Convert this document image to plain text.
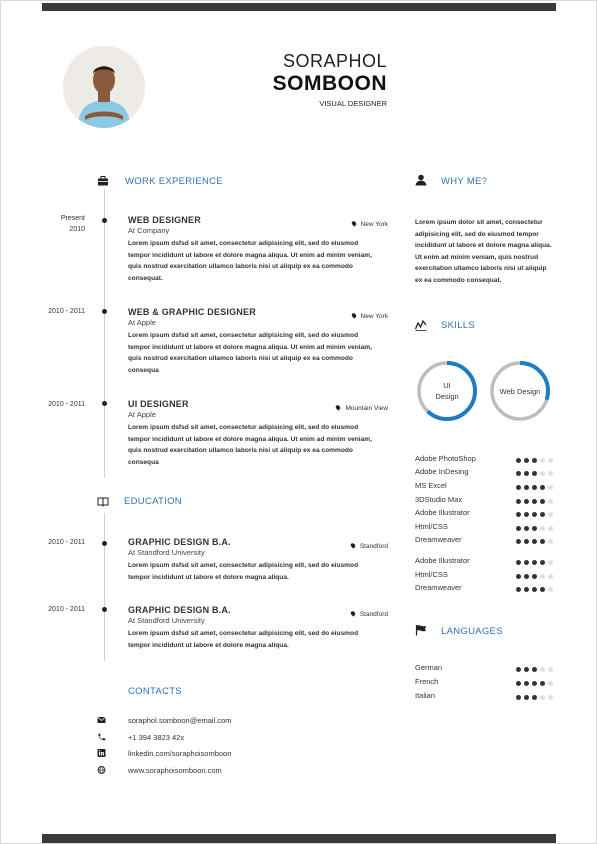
SORAPHOL
SOMBOON
VISUAL DESIGNER
WORK EXPERIENCE
Present
2010
WEB DESIGNER
At Company
New York
Lorem ipsum dsfsd sit amet, consectetur adipisicing elit, sed do eiusmod tempor incididunt ut labore et dolore magna aliqua. Ut enim ad minim veniam, quis nostrud exercitation ullamco laboris nisi ut aliquip ex ea commodo consequat.
2010 - 2011	WEB & GRAPHIC DESIGNER
At Apple
New York
Lorem ipsum dsfsd sit amet, consectetur adipisicing elit, sed do eiusmod tempor incididunt ut labore et dolore magna aliqua. Ut enim ad minim veniam, quis nostrud exercitation ullamco laboris nisi ut aliquip ex ea commodo consequa
2010 - 2011	UI DESIGNER
At Apple
Mountain View
Lorem ipsum dsfsd sit amet, consectetur adipisicing elit, sed do eiusmod tempor incididunt ut labore et dolore magna aliqua. Ut enim ad minim veniam, quis nostrud exercitation ullamco laboris nisi ut aliquip ex ea commodo consequa
EDUCATION
2010 - 2011	GRAPHIC DESIGN B.A.
At Standford University
Standford
Lorem ipsum dsfsd sit amet, consectetur adipisicing elit, sed do eiusmod tempor incididunt ut labore et dolore magna aliqua.
2010 - 2011	GRAPHIC DESIGN B.A.
At Standford University
Standford
Lorem ipsum dsfsd sit amet, consectetur adipisicing elit, sed do eiusmod tempor incididunt ut labore et dolore magna aliqua.
CONTACTS
soraphol.somboon@email.com
+1 394 3823 42x
linkedin.com/soraphoisomboon
www.soraphoisomboon.com
WHY ME?
Lorem ipsum dolor sit amet, consectetur adipisicing elit, sed do eiusmod tempor incididunt ut labore et dolore magna aliqua. Ut enim ad minim veniam, quis nostrud exercitation ullamco laboris nisi ut aliquip ex ea commodo consequat.
SKILLS
UI
Design
Web Design
Adobe PhotoShop
Adobe InDesing
MS Excel
3DStudio Max
Adobe Illustrator
Html/CSS
Dreamweaver
Adobe Illustrator
Html/CSS
Dreamweaver
LANGUAGES
German
French
Italian
